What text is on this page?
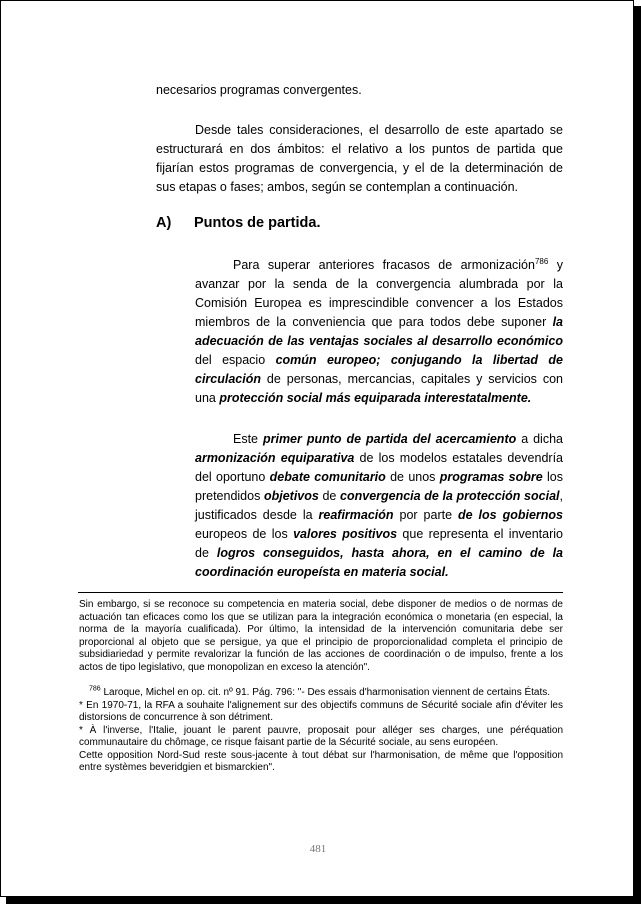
necesarios programas convergentes.
Desde tales consideraciones, el desarrollo de este apartado se estructurará en dos ámbitos: el relativo a los puntos de partida que fijarían estos programas de convergencia, y el de la determinación de sus etapas o fases; ambos, según se contemplan a continuación.
A) Puntos de partida.
Para superar anteriores fracasos de armonización$^{786}$ y avanzar por la senda de la convergencia alumbrada por la Comisión Europea es imprescindible convencer a los Estados miembros de la conveniencia que para todos debe suponer la adecuación de las ventajas sociales al desarrollo económico del espacio común europeo; conjugando la libertad de circulación de personas, mercancias, capitales y servicios con una protección social más equiparada interestatalmente.
Este primer punto de partida del acercamiento a dicha armonización equiparativa de los modelos estatales devendría del oportuno debate comunitario de unos programas sobre los pretendidos objetivos de convergencia de la protección social, justificados desde la reafirmación por parte de los gobiernos europeos de los valores positivos que representa el inventario de logros conseguidos, hasta ahora, en el camino de la coordinación europeísta en materia social.
Sin embargo, si se reconoce su competencia en materia social, debe disponer de medios o de normas de actuación tan eficaces como los que se utilizan para la integración económica o monetaria (en especial, la norma de la mayoría cualificada). Por último, la intensidad de la intervención comunitaria debe ser proporcional al objeto que se persigue, ya que el principio de proporcionalidad completa el principio de subsidiariedad y permite revalorizar la función de las acciones de coordinación o de impulso, frente a los actos de tipo legislativo, que monopolizan en exceso la atención".
$^{786}$ Laroque, Michel en op. cit. nº 91. Pág. 796: "- Des essais d'harmonisation viennent de certains États.
* En 1970-71, la RFA a souhaite l'alignement sur des objectifs communs de Sécurité sociale afin d'éviter les distorsions de concurrence à son détriment.
* À l'inverse, l'Italie, jouant le parent pauvre, proposait pour alléger ses charges, une péréquation communautaire du chômage, ce risque faisant partie de la Sécurité sociale, au sens européen.
Cette opposition Nord-Sud reste sous-jacente à tout débat sur l'harmonisation, de même que l'opposition entre systèmes beveridgien et bismarckien".
481
